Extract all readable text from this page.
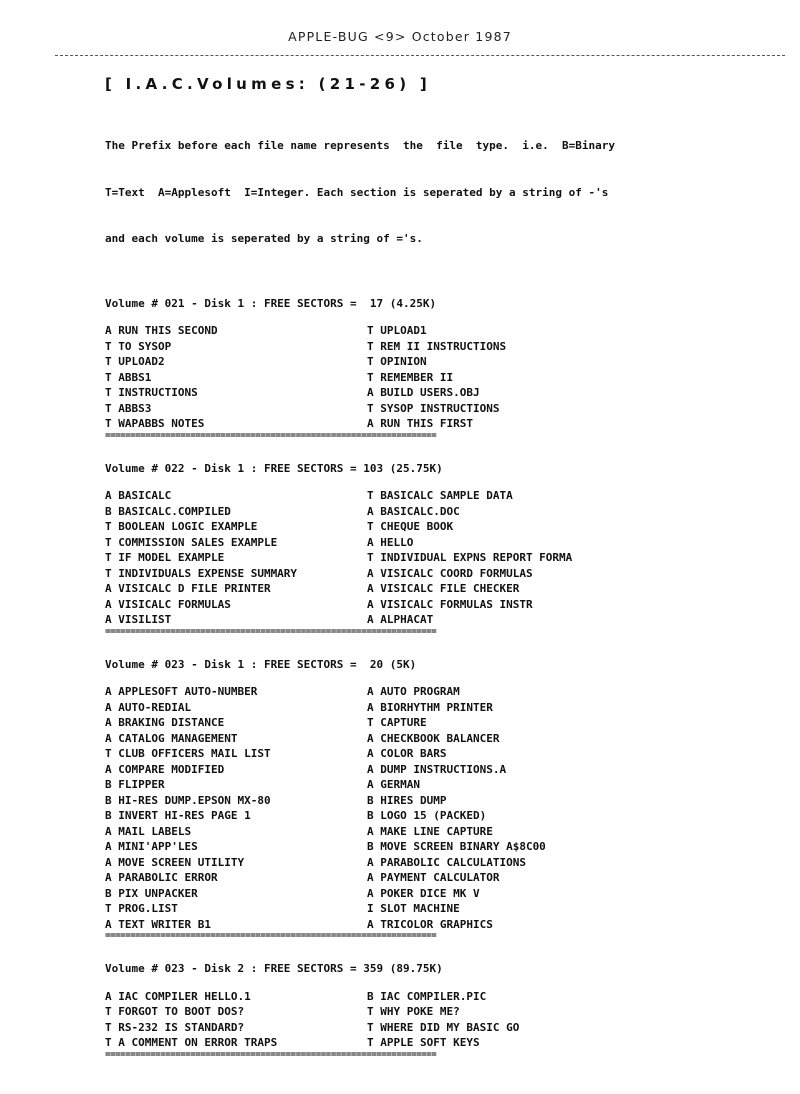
APPLE-BUG <9> October 1987
[ I.A.C.Volumes: (21-26) ]

The Prefix before each file name represents  the  file  type.  i.e.  B=Binary

T=Text  A=Applesoft  I=Integer. Each section is seperated by a string of -'s

and each volume is seperated by a string of ='s.

Volume # 021 - Disk 1 : FREE SECTORS =  17 (4.25K)
A RUN THIS SECOND	T UPLOAD1
T TO SYSOP	T REM II INSTRUCTIONS
T UPLOAD2	T OPINION
T ABBS1	T REMEMBER II
T INSTRUCTIONS	A BUILD USERS.OBJ
T ABBS3	T SYSOP INSTRUCTIONS
T WAPABBS NOTES	A RUN THIS FIRST
==================================================================
Volume # 022 - Disk 1 : FREE SECTORS = 103 (25.75K)
A BASICALC	T BASICALC SAMPLE DATA
B BASICALC.COMPILED	A BASICALC.DOC
T BOOLEAN LOGIC EXAMPLE	T CHEQUE BOOK
T COMMISSION SALES EXAMPLE	A HELLO
T IF MODEL EXAMPLE	T INDIVIDUAL EXPNS REPORT FORMA
T INDIVIDUALS EXPENSE SUMMARY	A VISICALC COORD FORMULAS
A VISICALC D FILE PRINTER	A VISICALC FILE CHECKER
A VISICALC FORMULAS	A VISICALC FORMULAS INSTR
A VISILIST	A ALPHACAT
==================================================================
Volume # 023 - Disk 1 : FREE SECTORS =  20 (5K)
A APPLESOFT AUTO-NUMBER	A AUTO PROGRAM
A AUTO-REDIAL	A BIORHYTHM PRINTER
A BRAKING DISTANCE	T CAPTURE
A CATALOG MANAGEMENT	A CHECKBOOK BALANCER
T CLUB OFFICERS MAIL LIST	A COLOR BARS
A COMPARE MODIFIED	A DUMP INSTRUCTIONS.A
B FLIPPER	A GERMAN
B HI-RES DUMP.EPSON MX-80	B HIRES DUMP
B INVERT HI-RES PAGE 1	B LOGO 15 (PACKED)
A MAIL LABELS	A MAKE LINE CAPTURE
A MINI'APP'LES	B MOVE SCREEN BINARY A$8C00
A MOVE SCREEN UTILITY	A PARABOLIC CALCULATIONS
A PARABOLIC ERROR	A PAYMENT CALCULATOR
B PIX UNPACKER	A POKER DICE MK V
T PROG.LIST	I SLOT MACHINE
A TEXT WRITER B1	A TRICOLOR GRAPHICS
==================================================================
Volume # 023 - Disk 2 : FREE SECTORS = 359 (89.75K)
A IAC COMPILER HELLO.1	B IAC COMPILER.PIC
T FORGOT TO BOOT DOS?	T WHY POKE ME?
T RS-232 IS STANDARD?	T WHERE DID MY BASIC GO
T A COMMENT ON ERROR TRAPS	T APPLE SOFT KEYS
==================================================================
